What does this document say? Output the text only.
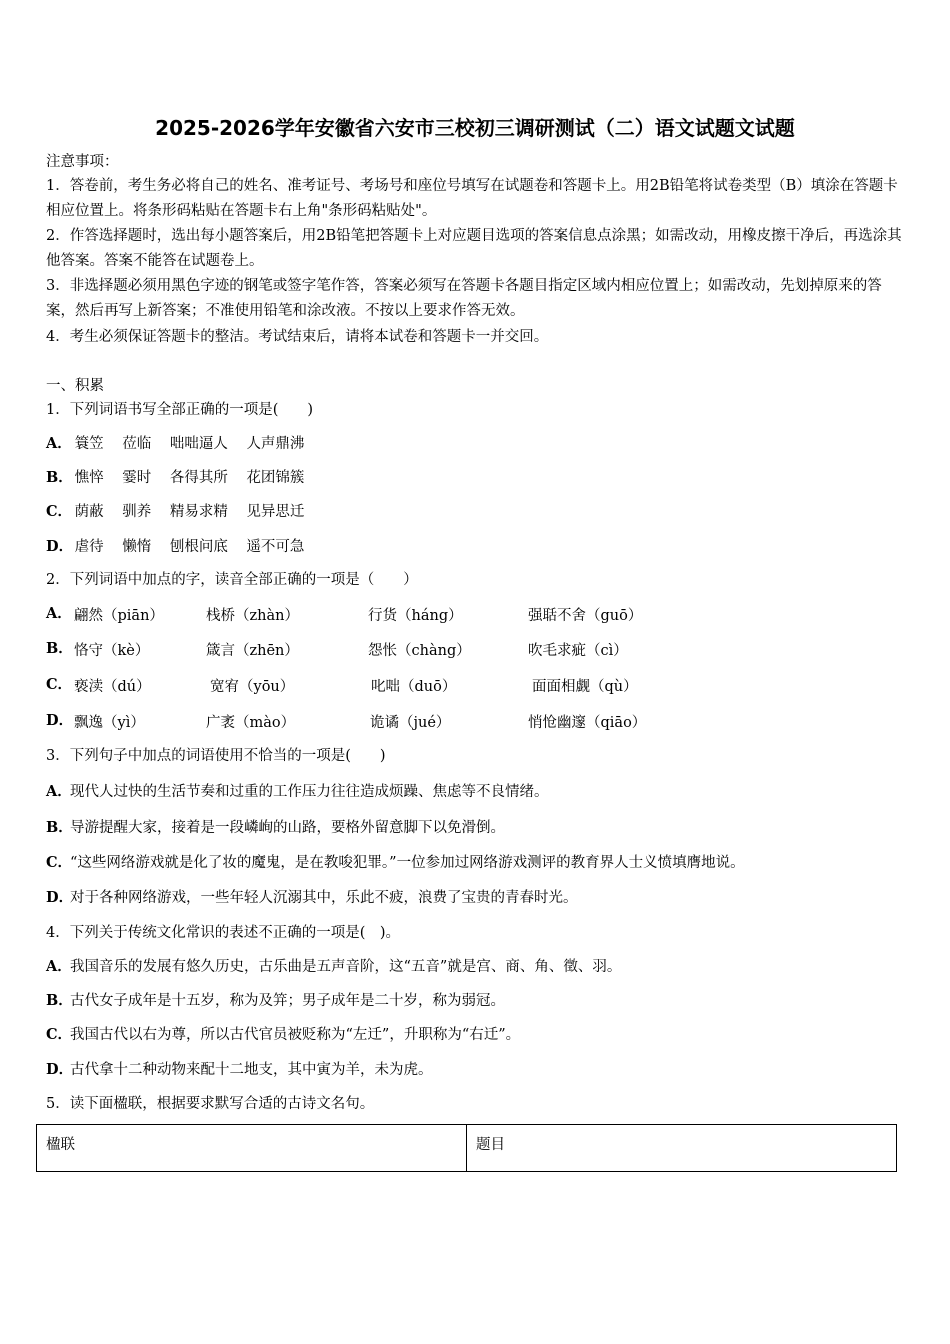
2025-2026学年安徽省六安市三校初三调研测试（二）语文试题文试题
注意事项：
1．答卷前，考生务必将自己的姓名、准考证号、考场号和座位号填写在试题卷和答题卡上。用2B铅笔将试卷类型（B）填涂在答题卡相应位置上。将条形码粘贴在答题卡右上角"条形码粘贴处"。
2．作答选择题时，选出每小题答案后，用2B铅笔把答题卡上对应题目选项的答案信息点涂黑；如需改动，用橡皮擦干净后，再选涂其他答案。答案不能答在试题卷上。
3．非选择题必须用黑色字迹的钢笔或签字笔作答，答案必须写在答题卡各题目指定区域内相应位置上；如需改动，先划掉原来的答案，然后再写上新答案；不准使用铅笔和涂改液。不按以上要求作答无效。
4．考生必须保证答题卡的整洁。考试结束后，请将本试卷和答题卡一并交回。
一、积累
1．下列词语书写全部正确的一项是(　　)
A． 簑笠 莅临 咄咄逼人 人声鼎沸
B． 憔悴 霎时 各得其所 花团锦簇
C． 荫蔽 驯养 精易求精 见异思迁
D． 虐待 懒惰 刨根问底 遥不可急
2．下列词语中加点的字，读音全部正确的一项是（　　）
A． 翩然（piān）	栈桥（zhàn）	行货（háng）	强聒不舍（guō）
B． 恪守（kè）	箴言（zhēn）	怨怅（chàng）	吹毛求疵（cì）
C． 亵渎（dú）	宽宥（yōu）	叱咄（duō）	面面相觑（qù）
D． 飘逸（yì）	广袤（mào）	诡谲（jué）	悄怆幽邃（qiāo）
3．下列句子中加点的词语使用不恰当的一项是(　　)
A．现代人过快的生活节奏和过重的工作压力往往造成烦躁、焦虑等不良情绪。
B．导游提醒大家，接着是一段嶙峋的山路，要格外留意脚下以免滑倒。
C．“这些网络游戏就是化了妆的魔鬼，是在教唆犯罪。”一位参加过网络游戏测评的教育界人士义愤填膺地说。
D．对于各种网络游戏，一些年轻人沉溺其中，乐此不疲，浪费了宝贵的青春时光。
4．下列关于传统文化常识的表述不正确的一项是(　)。
A．我国音乐的发展有悠久历史，古乐曲是五声音阶，这“五音”就是宫、商、角、徵、羽。
B．古代女子成年是十五岁，称为及笄；男子成年是二十岁，称为弱冠。
C．我国古代以右为尊，所以古代官员被贬称为“左迁”，升职称为“右迁”。
D．古代拿十二种动物来配十二地支，其中寅为羊，未为虎。
5．读下面楹联，根据要求默写合适的古诗文名句。
楹联	题目
